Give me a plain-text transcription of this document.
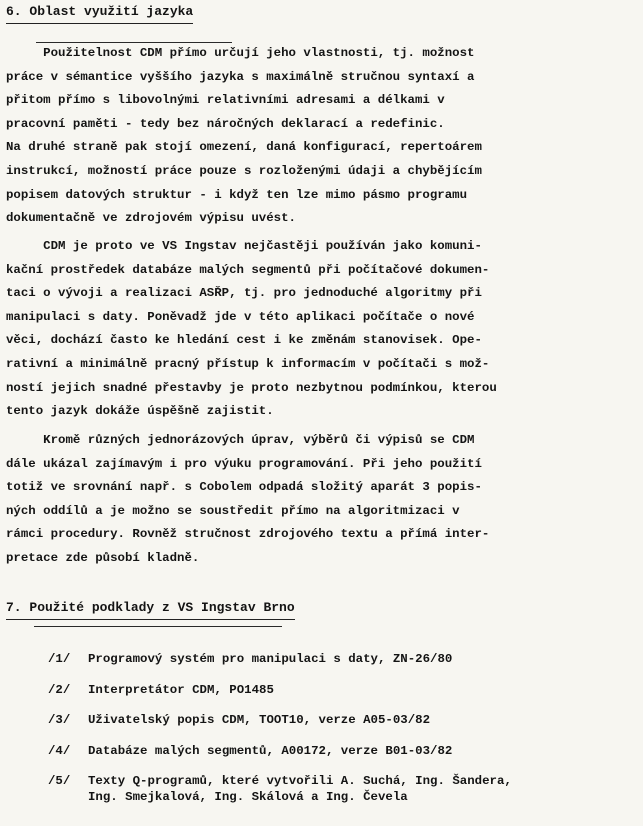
6. Oblast využití jazyka
Použitelnost CDM přímo určují jeho vlastnosti, tj. možnost
práce v sémantice vyššího jazyka s maximálně stručnou syntaxí a
přitom přímo s libovolnými relativními adresami a délkami v
pracovní paměti - tedy bez náročných deklarací a redefinic.
Na druhé straně pak stojí omezení, daná konfigurací, repertoárem
instrukcí, možností práce pouze s rozloženými údaji a chybějícím
popisem datových struktur - i když ten lze mimo pásmo programu
dokumentačně ve zdrojovém výpisu uvést.
CDM je proto ve VS Ingstav nejčastěji používán jako komuni-
kační prostředek databáze malých segmentů při počítačové dokumen-
taci o vývoji a realizaci ASŘP, tj. pro jednoduché algoritmy při
manipulaci s daty. Poněvadž jde v této aplikaci počítače o nové
věci, dochází často ke hledání cest i ke změnám stanovisek. Ope-
rativní a minimálně pracný přístup k informacím v počítači s mož-
ností jejich snadné přestavby je proto nezbytnou podmínkou, kterou
tento jazyk dokáže úspěšně zajistit.
Kromě různých jednorázových úprav, výběrů či výpisů se CDM
dále ukázal zajímavým i pro výuku programování. Při jeho použití
totiž ve srovnání např. s Cobolem odpadá složitý aparát 3 popis-
ných oddílů a je možno se soustředit přímo na algoritmizaci v
rámci procedury. Rovněž stručnost zdrojového textu a přímá inter-
pretace zde působí kladně.
7. Použité podklady z VS Ingstav Brno
/1/	Programový systém pro manipulaci s daty, ZN-26/80
/2/	Interpretátor CDM, PO1485
/3/	Uživatelský popis CDM, TOOT10, verze A05-03/82
/4/	Databáze malých segmentů, A00172, verze B01-03/82
/5/	Texty Q-programů, které vytvořili A. Suchá, Ing. Šandera,
Ing. Smejkalová, Ing. Skálová a Ing. Čevela
